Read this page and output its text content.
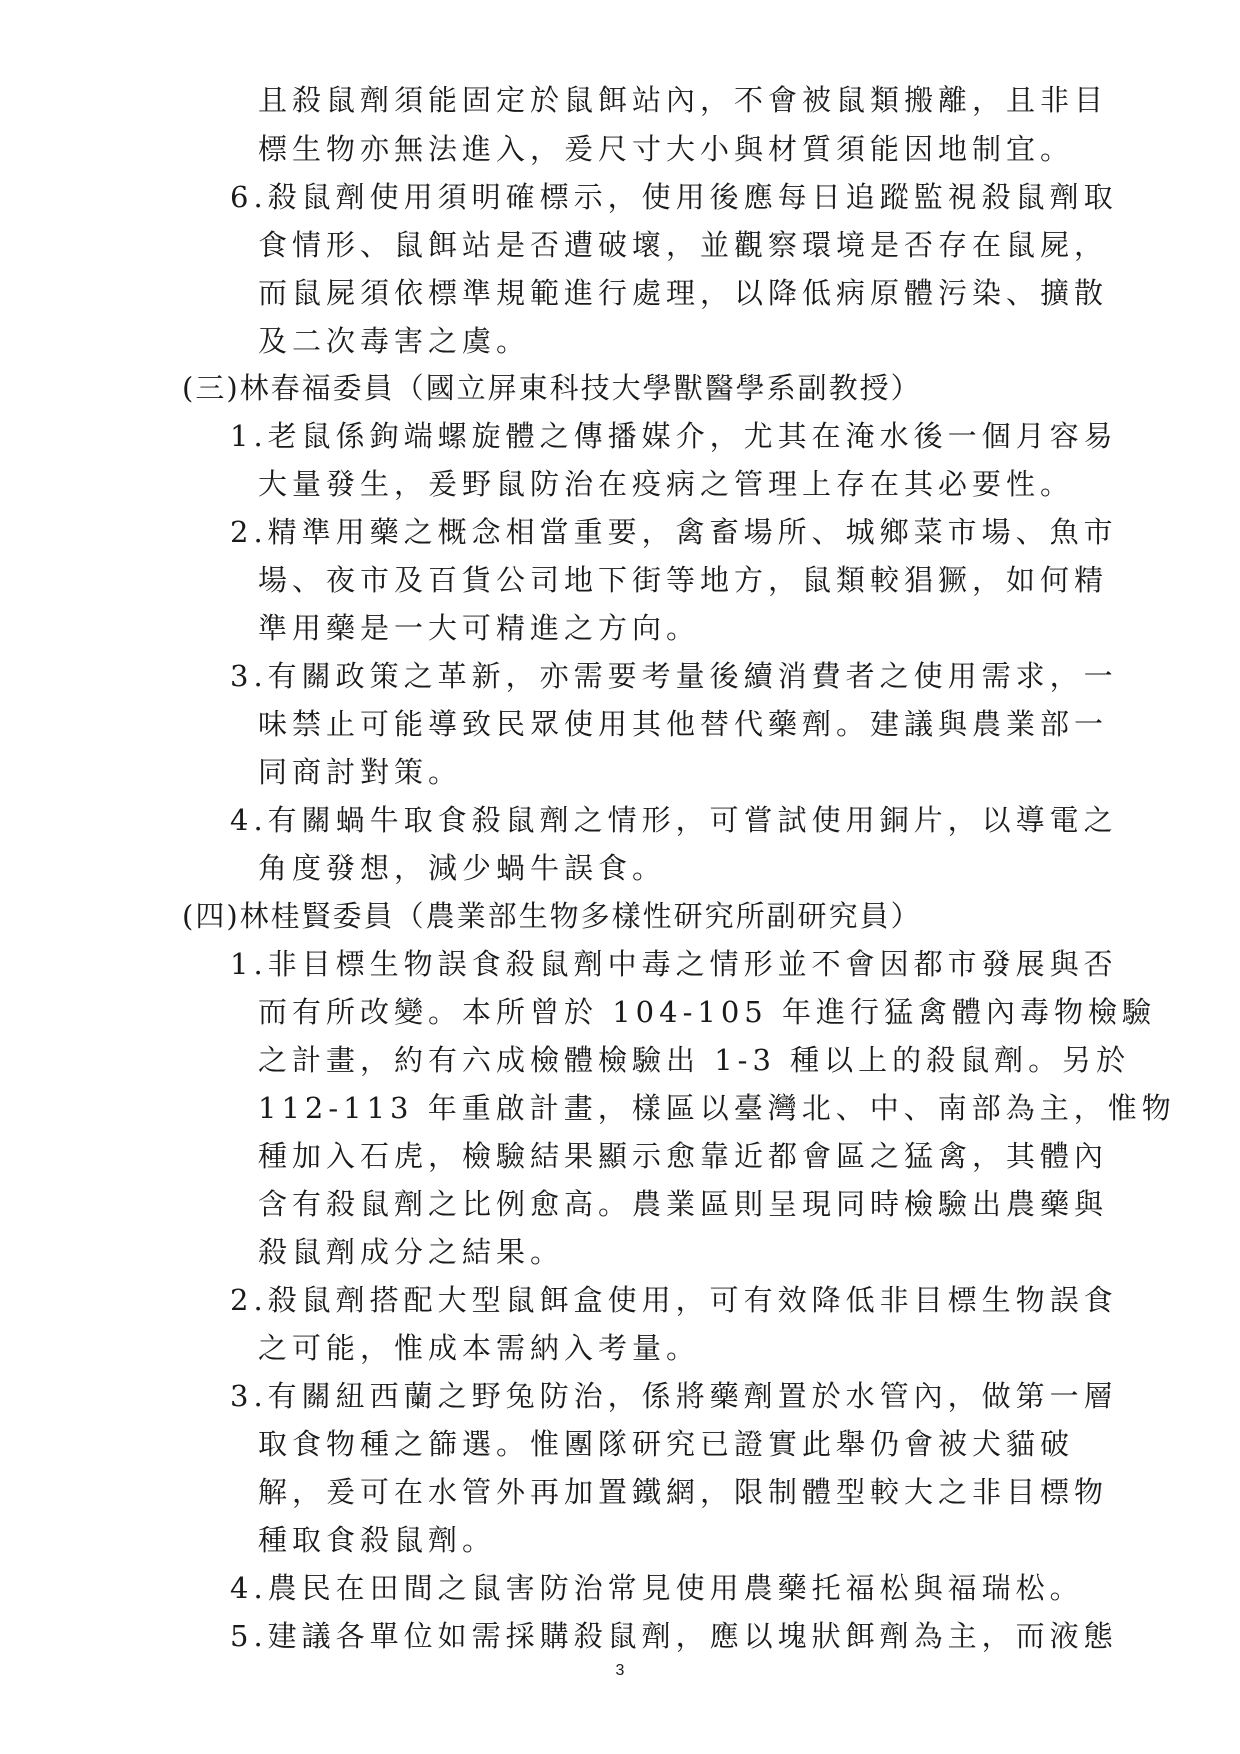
且殺鼠劑須能固定於鼠餌站內，不會被鼠類搬離，且非目
標生物亦無法進入，爰尺寸大小與材質須能因地制宜。
6.殺鼠劑使用須明確標示，使用後應每日追蹤監視殺鼠劑取
食情形、鼠餌站是否遭破壞，並觀察環境是否存在鼠屍，
而鼠屍須依標準規範進行處理，以降低病原體污染、擴散
及二次毒害之虞。
(三)林春福委員（國立屏東科技大學獸醫學系副教授）
1.老鼠係鉤端螺旋體之傳播媒介，尤其在淹水後一個月容易
大量發生，爰野鼠防治在疫病之管理上存在其必要性。
2.精準用藥之概念相當重要，禽畜場所、城鄉菜市場、魚市
場、夜市及百貨公司地下街等地方，鼠類較猖獗，如何精
準用藥是一大可精進之方向。
3.有關政策之革新，亦需要考量後續消費者之使用需求，一
味禁止可能導致民眾使用其他替代藥劑。建議與農業部一
同商討對策。
4.有關蝸牛取食殺鼠劑之情形，可嘗試使用銅片，以導電之
角度發想，減少蝸牛誤食。
(四)林桂賢委員（農業部生物多樣性研究所副研究員）
1.非目標生物誤食殺鼠劑中毒之情形並不會因都市發展與否
而有所改變。本所曾於 104-105 年進行猛禽體內毒物檢驗
之計畫，約有六成檢體檢驗出 1-3 種以上的殺鼠劑。另於
112-113 年重啟計畫，樣區以臺灣北、中、南部為主，惟物
種加入石虎，檢驗結果顯示愈靠近都會區之猛禽，其體內
含有殺鼠劑之比例愈高。農業區則呈現同時檢驗出農藥與
殺鼠劑成分之結果。
2.殺鼠劑搭配大型鼠餌盒使用，可有效降低非目標生物誤食
之可能，惟成本需納入考量。
3.有關紐西蘭之野兔防治，係將藥劑置於水管內，做第一層
取食物種之篩選。惟團隊研究已證實此舉仍會被犬貓破
解，爰可在水管外再加置鐵網，限制體型較大之非目標物
種取食殺鼠劑。
4.農民在田間之鼠害防治常見使用農藥托福松與福瑞松。
5.建議各單位如需採購殺鼠劑，應以塊狀餌劑為主，而液態
3
